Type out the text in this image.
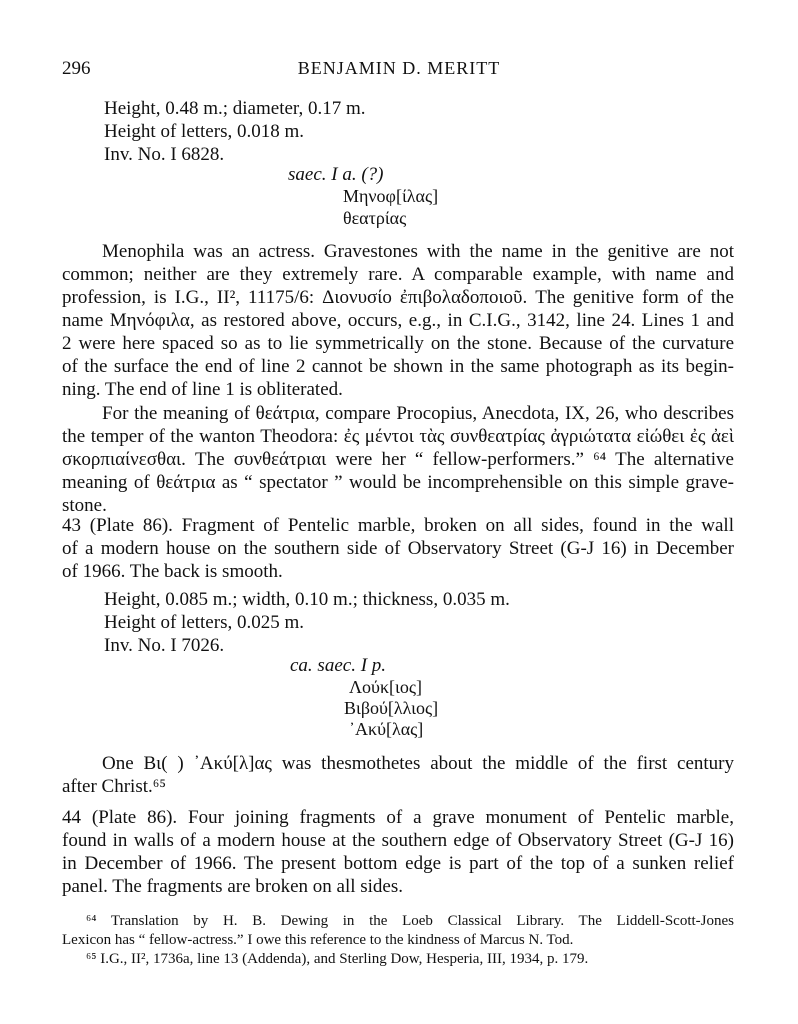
296	BENJAMIN D. MERITT
Height, 0.48 m.; diameter, 0.17 m.
Height of letters, 0.018 m.
Inv. No. I 6828.
saec. I a. (?)
Μηνοφ[ίλας]
θεατρίας
Menophila was an actress. Gravestones with the name in the genitive are not
common; neither are they extremely rare. A comparable example, with name and
profession, is I.G., II², 11175/6: Διονυσίο ἐπιβολαδοποιοῦ. The genitive form of the
name Μηνόφιλα, as restored above, occurs, e.g., in C.I.G., 3142, line 24. Lines 1 and
2 were here spaced so as to lie symmetrically on the stone. Because of the curvature
of the surface the end of line 2 cannot be shown in the same photograph as its begin-
ning. The end of line 1 is obliterated.
For the meaning of θεάτρια, compare Procopius, Anecdota, IX, 26, who describes
the temper of the wanton Theodora: ἐς μέντοι τὰς συνθεατρίας ἀγριώτατα εἰώθει ἐς ἀεὶ
σκορπιαίνεσθαι. The συνθεάτριαι were her “ fellow-performers.” ⁶⁴ The alternative
meaning of θεάτρια as “ spectator ” would be incomprehensible on this simple grave-
stone.
43 (Plate 86). Fragment of Pentelic marble, broken on all sides, found in the wall
of a modern house on the southern side of Observatory Street (G-J 16) in December
of 1966. The back is smooth.
Height, 0.085 m.; width, 0.10 m.; thickness, 0.035 m.
Height of letters, 0.025 m.
Inv. No. I 7026.
ca. saec. I p.
Λούκ[ιος]
Βιβού[λλιος]
᾿Ακύ[λας]
One Βι( ) ᾿Ακύ[λ]ας was thesmothetes about the middle of the first century
after Christ.⁶⁵
44 (Plate 86). Four joining fragments of a grave monument of Pentelic marble,
found in walls of a modern house at the southern edge of Observatory Street (G-J 16)
in December of 1966. The present bottom edge is part of the top of a sunken relief
panel. The fragments are broken on all sides.
⁶⁴ Translation by H. B. Dewing in the Loeb Classical Library. The Liddell-Scott-Jones
Lexicon has “ fellow-actress.” I owe this reference to the kindness of Marcus N. Tod.
⁶⁵ I.G., II², 1736a, line 13 (Addenda), and Sterling Dow, Hesperia, III, 1934, p. 179.
